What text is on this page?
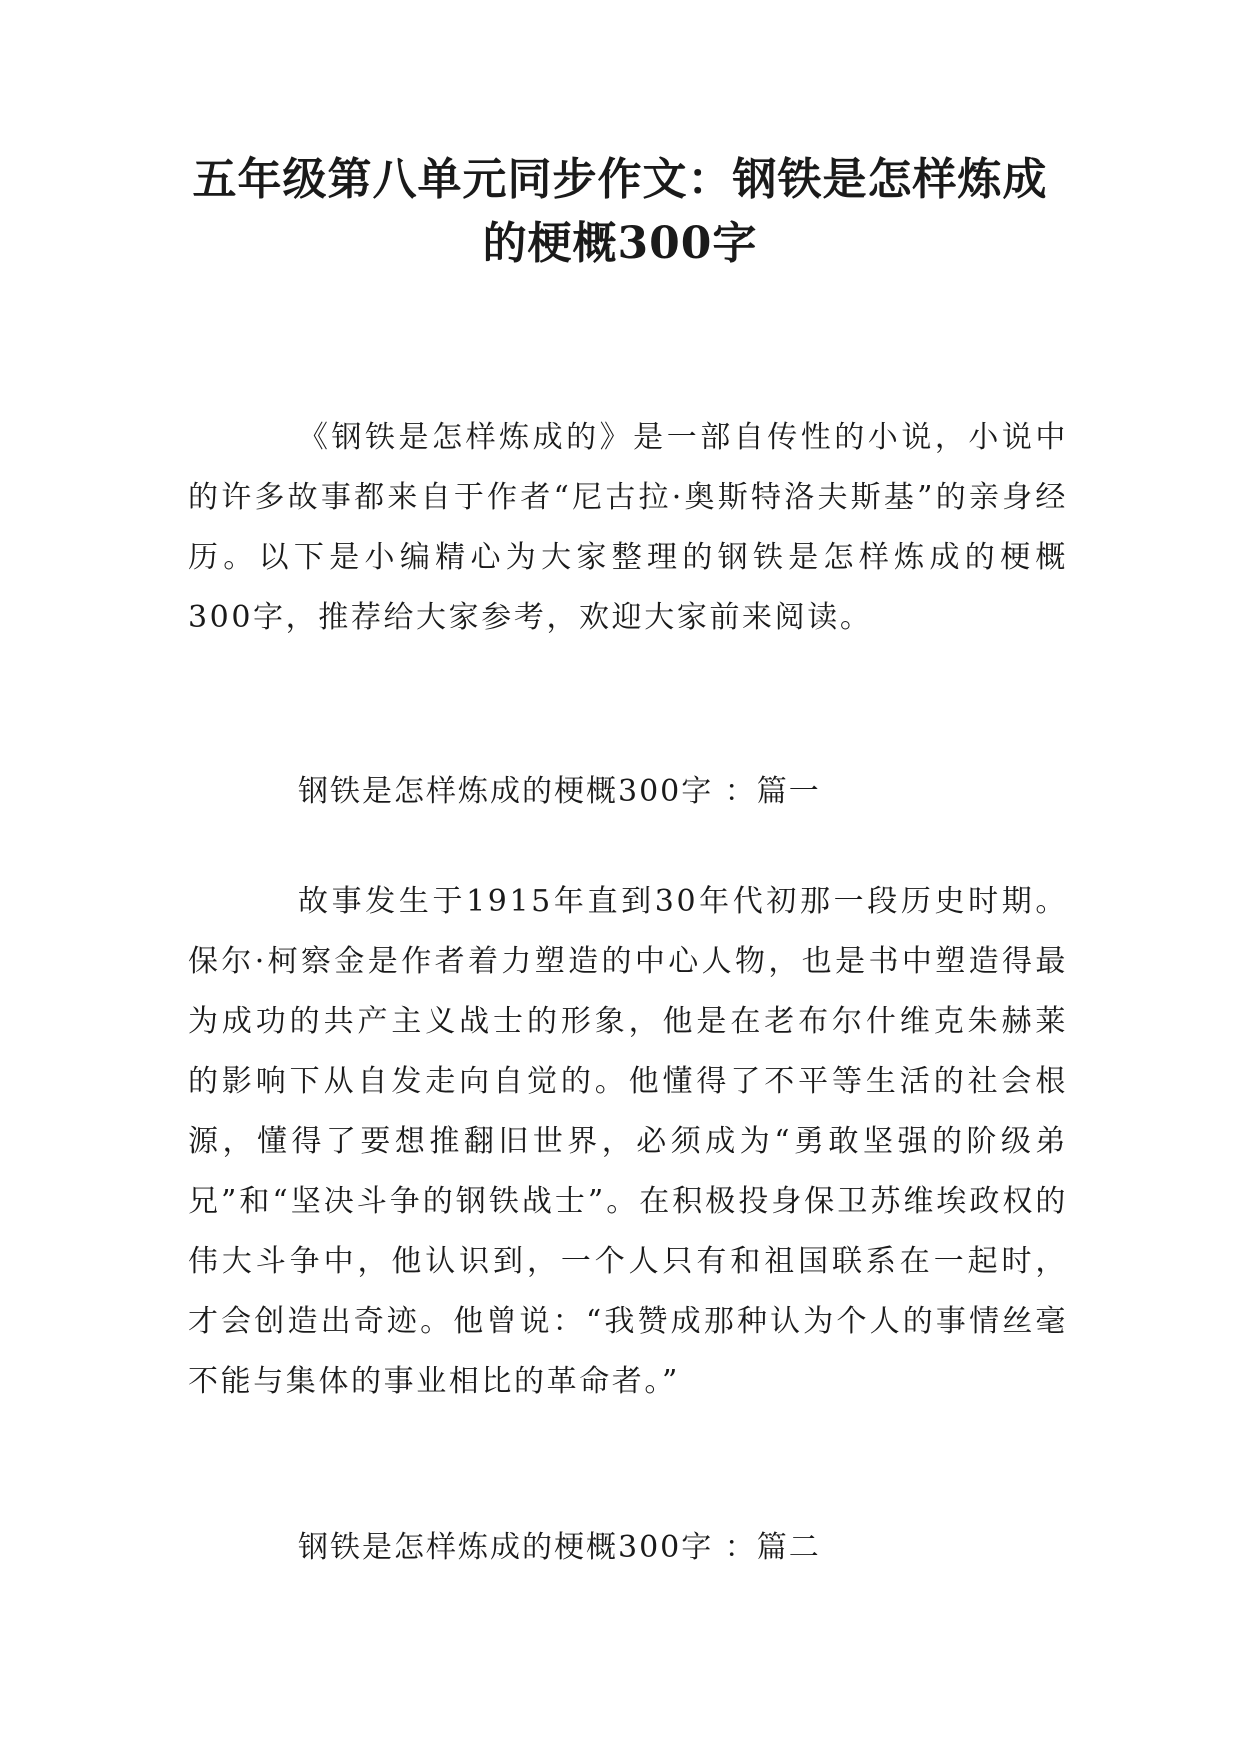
五年级第八单元同步作文：钢铁是怎样炼成
的梗概300字

《钢铁是怎样炼成的》是一部自传性的小说，小说中的许多故事都来自于作者“尼古拉·奥斯特洛夫斯基”的亲身经历。以下是小编精心为大家整理的钢铁是怎样炼成的梗概300字，推荐给大家参考，欢迎大家前来阅读。

钢铁是怎样炼成的梗概300字 ：篇一

故事发生于1915年直到30年代初那一段历史时期。保尔·柯察金是作者着力塑造的中心人物，也是书中塑造得最为成功的共产主义战士的形象，他是在老布尔什维克朱赫莱的影响下从自发走向自觉的。他懂得了不平等生活的社会根源，懂得了要想推翻旧世界，必须成为“勇敢坚强的阶级弟兄”和“坚决斗争的钢铁战士”。在积极投身保卫苏维埃政权的伟大斗争中，他认识到，一个人只有和祖国联系在一起时，才会创造出奇迹。他曾说：“我赞成那种认为个人的事情丝毫不能与集体的事业相比的革命者。”

钢铁是怎样炼成的梗概300字 ：篇二
